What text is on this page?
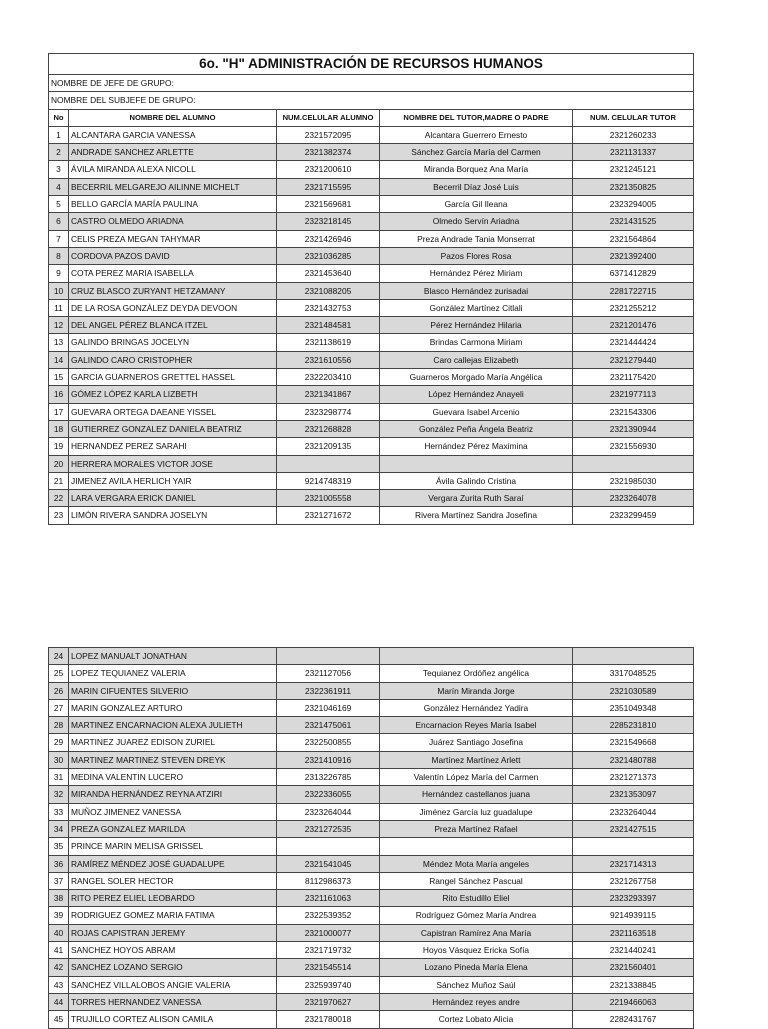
6o. "H" ADMINISTRACIÓN DE RECURSOS HUMANOS				
NOMBRE DE JEFE DE GRUPO:				
NOMBRE DEL SUBJEFE DE GRUPO:				
No	NOMBRE DEL ALUMNO	NUM.CELULAR ALUMNO	NOMBRE DEL TUTOR,MADRE O PADRE	NUM. CELULAR TUTOR
1	ALCANTARA GARCIA VANESSA	2321572095	Alcantara Guerrero Ernesto	2321260233
2	ANDRADE SANCHEZ ARLETTE	2321382374	Sánchez García María del Carmen	2321131337
3	ÁVILA MIRANDA ALEXA NICOLL	2321200610	Miranda Borquez Ana María	2321245121
4	BECERRIL MELGAREJO AILINNE MICHELT	2321715595	Becerril Díaz José Luis	2321350825
5	BELLO GARCÍA MARÍA PAULINA	2321569681	García Gil Ileana	2323294005
6	CASTRO OLMEDO ARIADNA	2323218145	Olmedo Servín Ariadna	2321431525
7	CELIS PREZA MEGAN TAHYMAR	2321426946	Preza Andrade Tania Monserrat	2321564864
8	CORDOVA PAZOS DAVID	2321036285	Pazos Flores Rosa	2321392400
9	COTA PEREZ MARIA ISABELLA	2321453640	Hernández Pérez Miriam	6371412829
10	CRUZ BLASCO ZURYANT HETZAMANY	2321088205	Blasco Hernández zurisadai	2281722715
11	DE LA ROSA GONZÀLEZ DEYDA DEVOON	2321432753	González Martínez Citlali	2321255212
12	DEL ANGEL PÉREZ BLANCA ITZEL	2321484581	Pérez Hernández Hilaria	2321201476
13	GALINDO BRINGAS JOCELYN	2321138619	Brindas Carmona Miriam	2321444424
14	GALINDO CARO CRISTOPHER	2321610556	Caro callejas Elizabeth	2321279440
15	GARCIA GUARNEROS GRETTEL HASSEL	2322203410	Guarneros Morgado María Angélica	2321175420
16	GÓMEZ LÓPEZ KARLA LIZBETH	2321341867	López Hernández Anayeli	2321977113
17	GUEVARA ORTEGA DAEANE YISSEL	2323298774	Guevara Isabel Arcenio	2321543306
18	GUTIERREZ GONZALEZ DANIELA BEATRIZ	2321268828	González Peña Ángela Beatriz	2321390944
19	HERNANDEZ PEREZ SARAHI	2321209135	Hernández Pérez Maximina	2321556930
20	HERRERA MORALES VICTOR JOSE			
21	JIMENEZ AVILA HERLICH YAIR	9214748319	Ávila Galindo Cristina	2321985030
22	LARA VERGARA ERICK DANIEL	2321005558	Vergara Zurita Ruth Saraí	2323264078
23	LIMÓN RIVERA SANDRA JOSELYN	2321271672	Rivera Martínez Sandra Josefina	2323299459
24	LOPEZ MANUALT JONATHAN			
25	LOPEZ TEQUIANEZ VALERIA	2321127056	Tequianez Ordóñez angélica	3317048525
26	MARIN CIFUENTES SILVERIO	2322361911	Marín Miranda Jorge	2321030589
27	MARIN GONZALEZ ARTURO	2321046169	González Hernández Yadira	2351049348
28	MARTINEZ ENCARNACION ALEXA JULIETH	2321475061	Encarnacion Reyes María Isabel	2285231810
29	MARTINEZ JUAREZ EDISON ZURIEL	2322500855	Juárez Santiago Josefina	2321549668
30	MARTINEZ MARTINEZ STEVEN DREYK	2321410916	Martínez Martínez Arlett	2321480788
31	MEDINA VALENTIN LUCERO	2313226785	Valentín López María del Carmen	2321271373
32	MIRANDA HERNÁNDEZ REYNA ATZIRI	2322336055	Hernández castellanos juana	2321353097
33	MUÑOZ JIMENEZ VANESSA	2323264044	Jiménez García luz guadalupe	2323264044
34	PREZA GONZALEZ MARILDA	2321272535	Preza Martínez Rafael	2321427515
35	PRINCE MARIN MELISA GRISSEL			
36	RAMÍREZ MÉNDEZ JOSÉ GUADALUPE	2321541045	Méndez Mota María angeles	2321714313
37	RANGEL SOLER HECTOR	8112986373	Rangel Sánchez Pascual	2321267758
38	RITO PEREZ ELIEL LEOBARDO	2321161063	Rito Estudillo Eliel	2323293397
39	RODRIGUEZ GOMEZ MARIA FATIMA	2322539352	Rodríguez Gómez María Andrea	9214939115
40	ROJAS CAPISTRAN JEREMY	2321000077	Capistran Ramírez Ana María	2321163518
41	SANCHEZ HOYOS ABRAM	2321719732	Hoyos Vásquez Ericka Sofía	2321440241
42	SANCHEZ LOZANO SERGIO	2321545514	Lozano Pineda María Elena	2321560401
43	SANCHEZ VILLALOBOS ANGIE VALERIA	2325939740	Sánchez Muñoz Saúl	2321338845
44	TORRES HERNANDEZ VANESSA	2321970627	Hernández reyes andre	2219466063
45	TRUJILLO CORTEZ ALISON CAMILA	2321780018	Cortez Lobato Alicia	2282431767
